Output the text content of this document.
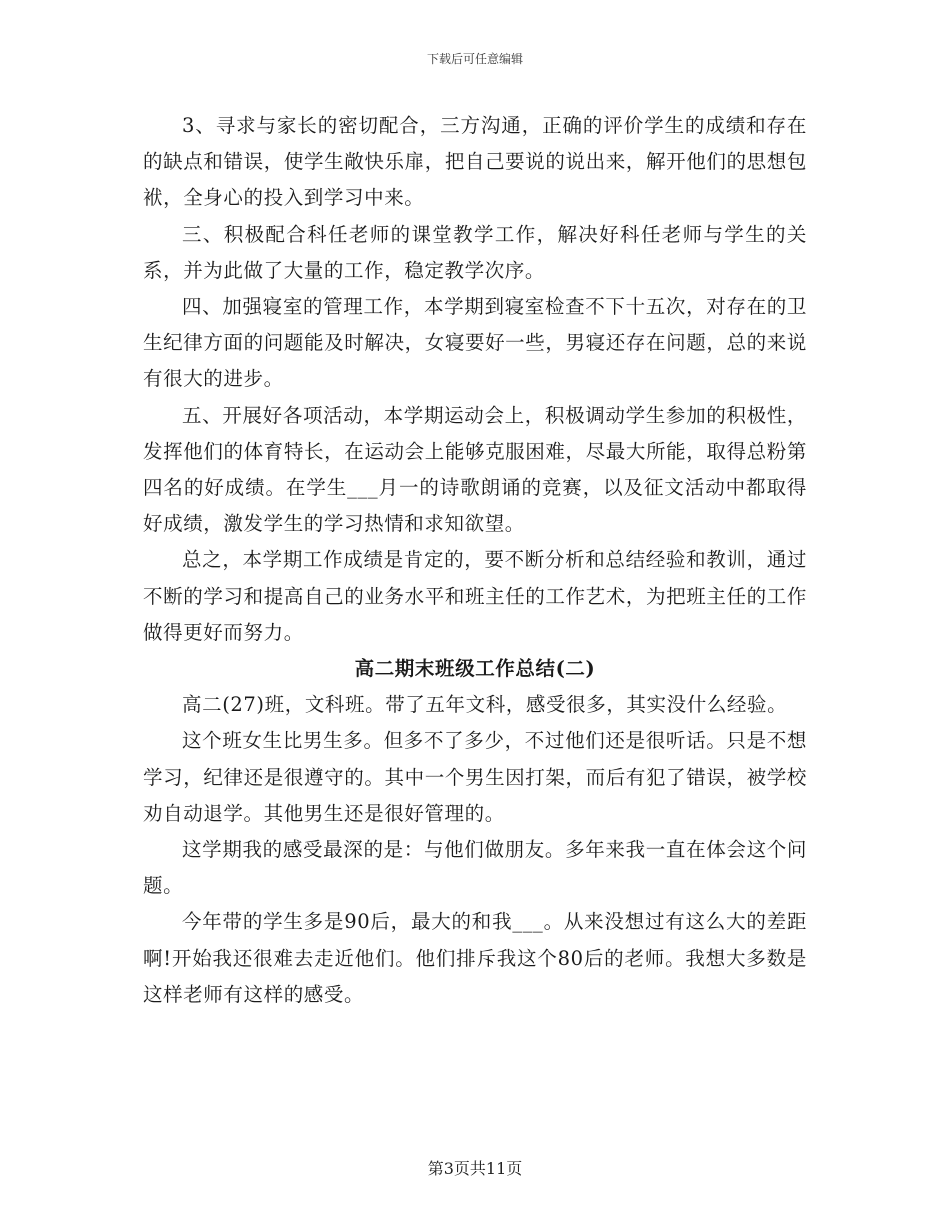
下载后可任意编辑

3、寻求与家长的密切配合，三方沟通，正确的评价学生的成绩和存在的缺点和错误，使学生敞快乐扉，把自己要说的说出来，解开他们的思想包袱，全身心的投入到学习中来。

三、积极配合科任老师的课堂教学工作，解决好科任老师与学生的关系，并为此做了大量的工作，稳定教学次序。

四、加强寝室的管理工作，本学期到寝室检查不下十五次，对存在的卫生纪律方面的问题能及时解决，女寝要好一些，男寝还存在问题，总的来说有很大的进步。

五、开展好各项活动，本学期运动会上，积极调动学生参加的积极性，发挥他们的体育特长，在运动会上能够克服困难，尽最大所能，取得总粉第四名的好成绩。在学生___月一的诗歌朗诵的竞赛，以及征文活动中都取得好成绩，激发学生的学习热情和求知欲望。

总之，本学期工作成绩是肯定的，要不断分析和总结经验和教训，通过不断的学习和提高自己的业务水平和班主任的工作艺术，为把班主任的工作做得更好而努力。

高二期末班级工作总结(二)

高二(27)班，文科班。带了五年文科，感受很多，其实没什么经验。

这个班女生比男生多。但多不了多少，不过他们还是很听话。只是不想学习，纪律还是很遵守的。其中一个男生因打架，而后有犯了错误，被学校劝自动退学。其他男生还是很好管理的。

这学期我的感受最深的是：与他们做朋友。多年来我一直在体会这个问题。

今年带的学生多是90后，最大的和我___。从来没想过有这么大的差距啊!开始我还很难去走近他们。他们排斥我这个80后的老师。我想大多数是这样老师有这样的感受。

第3页共11页
